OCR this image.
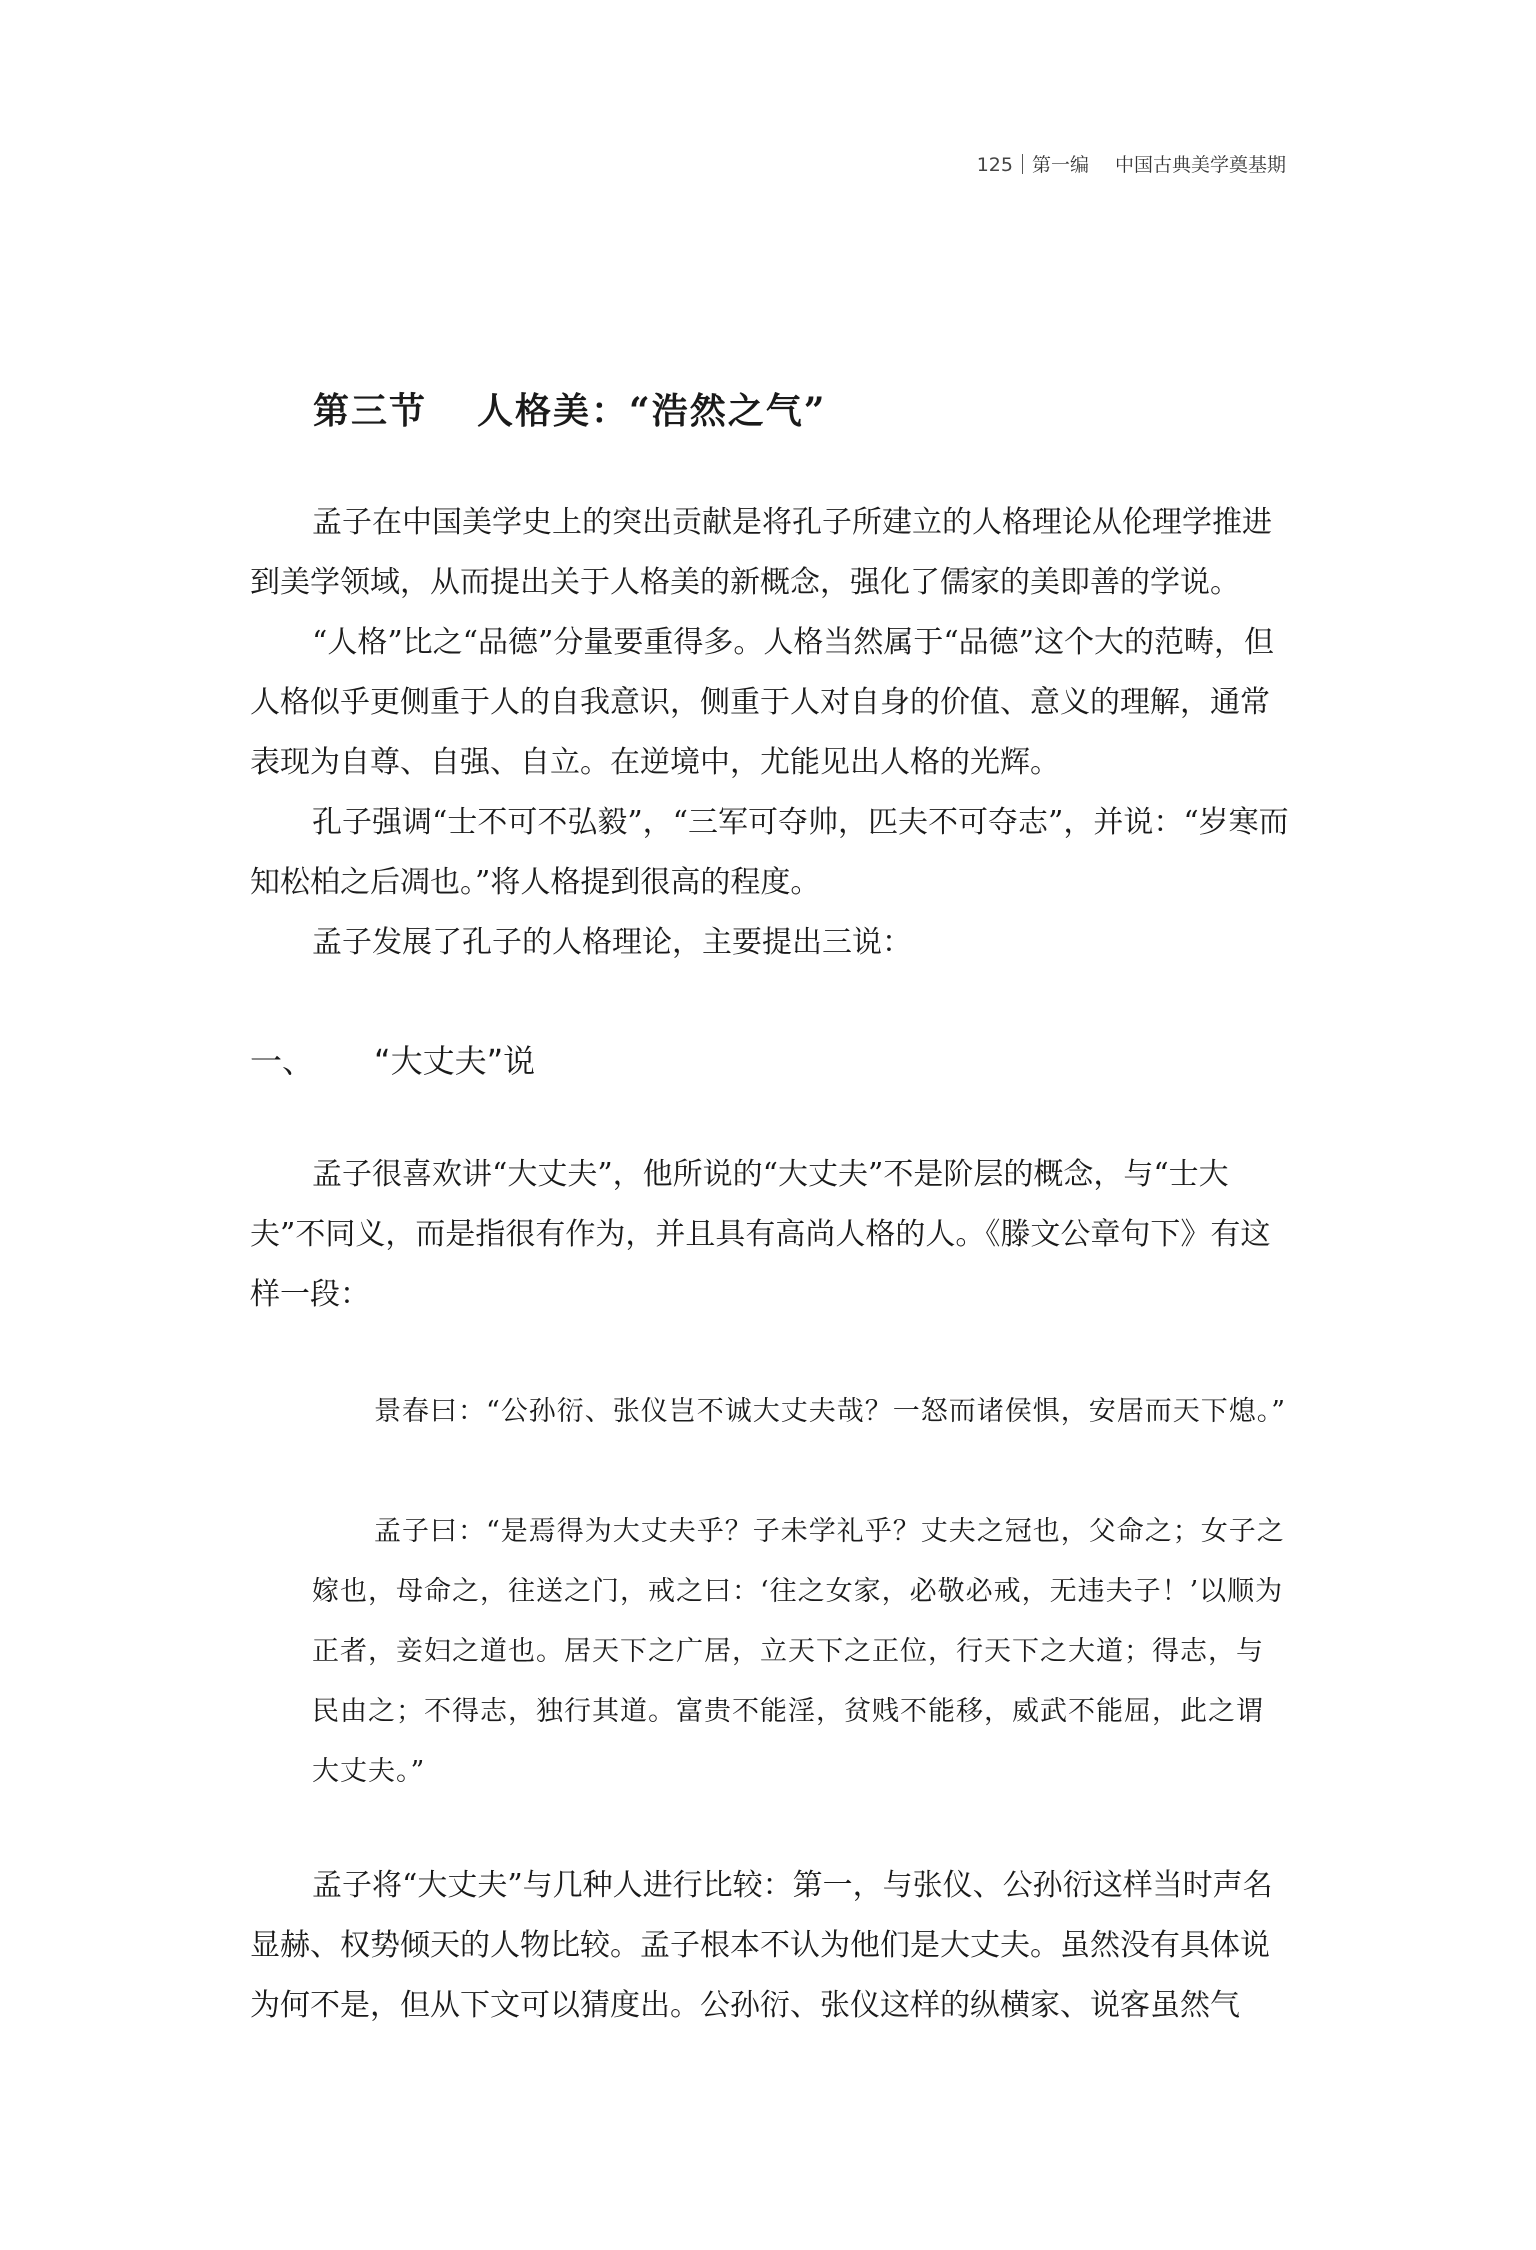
125 第一编 中国古典美学奠基期
第三节 人格美：“浩然之气”

孟子在中国美学史上的突出贡献是将孔子所建立的人格理论从伦理学推进到美学领域，从而提出关于人格美的新概念，强化了儒家的美即善的学说。

“人格”比之“品德”分量要重得多。人格当然属于“品德”这个大的范畴，但人格似乎更侧重于人的自我意识，侧重于人对自身的价值、意义的理解，通常表现为自尊、自强、自立。在逆境中，尤能见出人格的光辉。

孔子强调“士不可不弘毅”，“三军可夺帅，匹夫不可夺志”，并说：“岁寒而知松柏之后凋也。”将人格提到很高的程度。

孟子发展了孔子的人格理论，主要提出三说：

一、 “大丈夫”说

孟子很喜欢讲“大丈夫”，他所说的“大丈夫”不是阶层的概念，与“士大夫”不同义，而是指很有作为，并且具有高尚人格的人。《滕文公章句下》有这样一段：

景春曰：“公孙衍、张仪岂不诚大丈夫哉？一怒而诸侯惧，安居而天下熄。”

孟子曰：“是焉得为大丈夫乎？子未学礼乎？丈夫之冠也，父命之；女子之嫁也，母命之，往送之门，戒之曰：‘往之女家，必敬必戒，无违夫子！’以顺为正者，妾妇之道也。居天下之广居，立天下之正位，行天下之大道；得志，与民由之；不得志，独行其道。富贵不能淫，贫贱不能移，威武不能屈，此之谓大丈夫。”

孟子将“大丈夫”与几种人进行比较：第一，与张仪、公孙衍这样当时声名显赫、权势倾天的人物比较。孟子根本不认为他们是大丈夫。虽然没有具体说为何不是，但从下文可以猜度出。公孙衍、张仪这样的纵横家、说客虽然气
